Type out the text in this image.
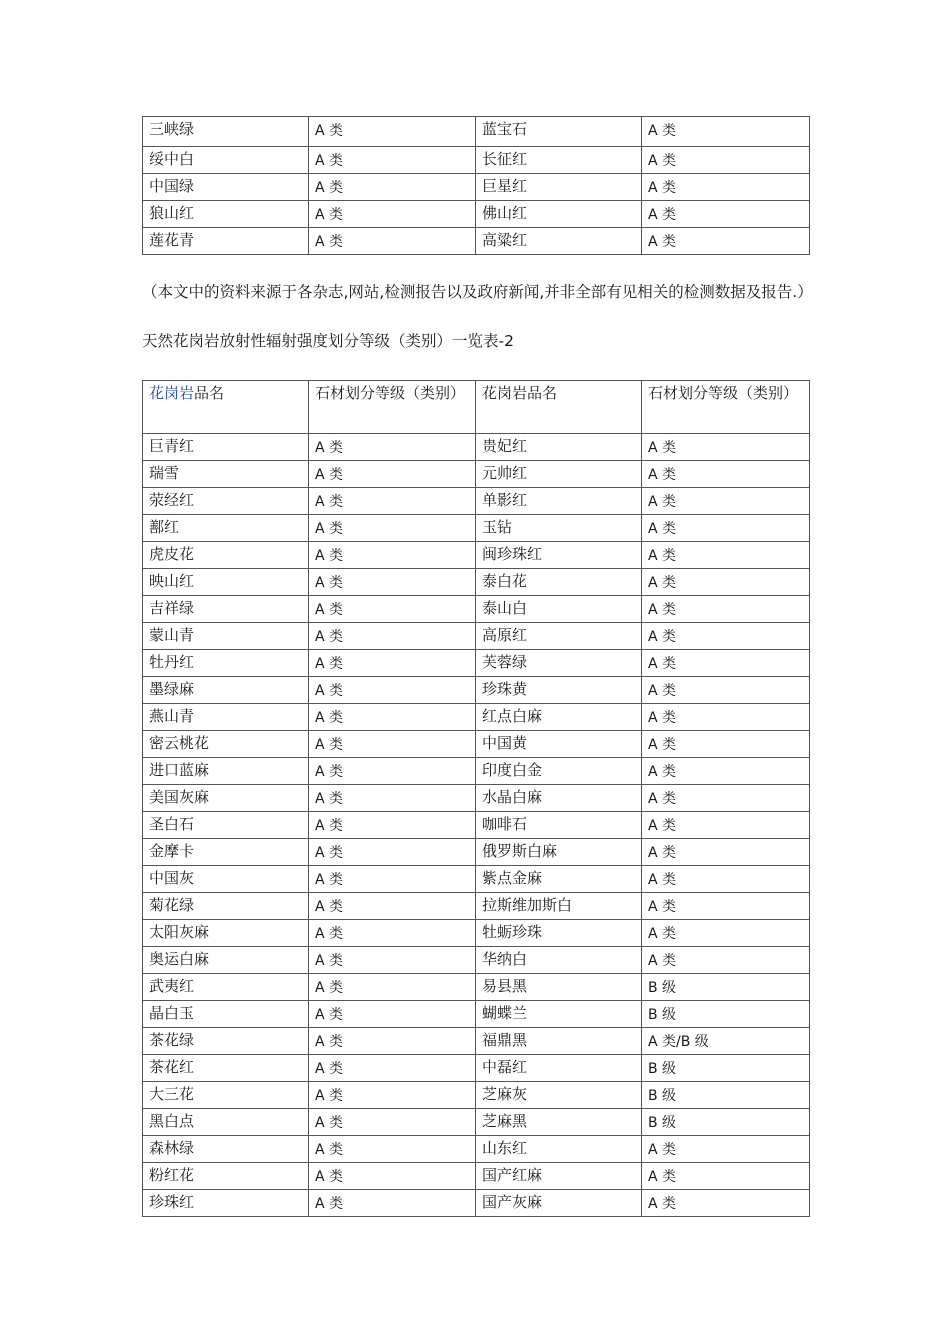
三峡绿	A 类	蓝宝石	A 类
绥中白	A 类	长征红	A 类
中国绿	A 类	巨星红	A 类
狼山红	A 类	佛山红	A 类
莲花青	A 类	高粱红	A 类
（本文中的资料来源于各杂志,网站,检测报告以及政府新闻,并非全部有见相关的检测数据及报告.）
天然花岗岩放射性辐射强度划分等级（类别）一览表-2
花岗岩品名	石材划分等级（类别）	花岗岩品名	石材划分等级（类别）
巨青红	A 类	贵妃红	A 类
瑞雪	A 类	元帅红	A 类
荥经红	A 类	单影红	A 类
鄯红	A 类	玉钻	A 类
虎皮花	A 类	闽珍珠红	A 类
映山红	A 类	泰白花	A 类
吉祥绿	A 类	泰山白	A 类
蒙山青	A 类	高原红	A 类
牡丹红	A 类	芙蓉绿	A 类
墨绿麻	A 类	珍珠黄	A 类
燕山青	A 类	红点白麻	A 类
密云桃花	A 类	中国黄	A 类
进口蓝麻	A 类	印度白金	A 类
美国灰麻	A 类	水晶白麻	A 类
圣白石	A 类	咖啡石	A 类
金摩卡	A 类	俄罗斯白麻	A 类
中国灰	A 类	紫点金麻	A 类
菊花绿	A 类	拉斯维加斯白	A 类
太阳灰麻	A 类	牡蛎珍珠	A 类
奥运白麻	A 类	华纳白	A 类
武夷红	A 类	易县黑	B 级
晶白玉	A 类	蝴蝶兰	B 级
茶花绿	A 类	福鼎黑	A 类/B 级
茶花红	A 类	中磊红	B 级
大三花	A 类	芝麻灰	B 级
黑白点	A 类	芝麻黑	B 级
森林绿	A 类	山东红	A 类
粉红花	A 类	国产红麻	A 类
珍珠红	A 类	国产灰麻	A 类
